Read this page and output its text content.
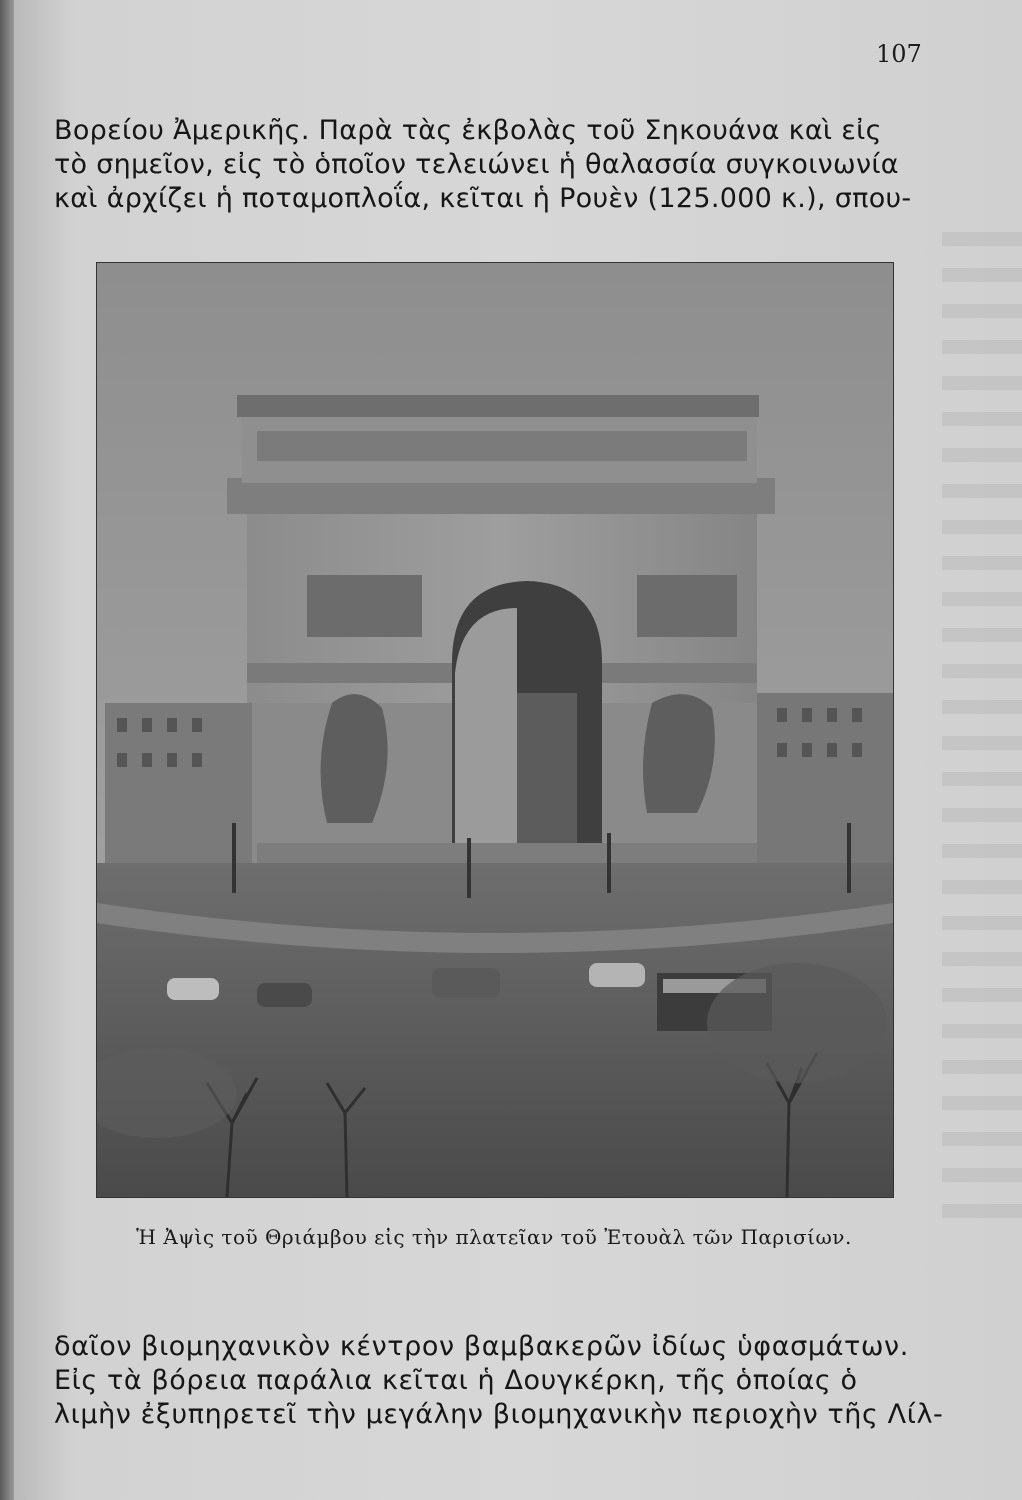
107
Βορείου Ἀμερικῆς. Παρὰ τὰς ἐκβολὰς τοῦ Σηκουάνα καὶ εἰς
τὸ σημεῖον, εἰς τὸ ὁποῖον τελειώνει ἡ θαλασσία συγκοινωνία
καὶ ἀρχίζει ἡ ποταμοπλοΐα, κεῖται ἡ Ρουὲν (125.000 κ.), σπου-
Ἡ Ἀψὶς τοῦ Θριάμβου εἰς τὴν πλατεῖαν τοῦ Ἐτουὰλ τῶν Παρισίων.
δαῖον βιομηχανικὸν κέντρον βαμβακερῶν ἰδίως ὑφασμάτων.
Εἰς τὰ βόρεια παράλια κεῖται ἡ Δουγκέρκη, τῆς ὁποίας ὁ
λιμὴν ἐξυπηρετεῖ τὴν μεγάλην βιομηχανικὴν περιοχὴν τῆς Λίλ-
